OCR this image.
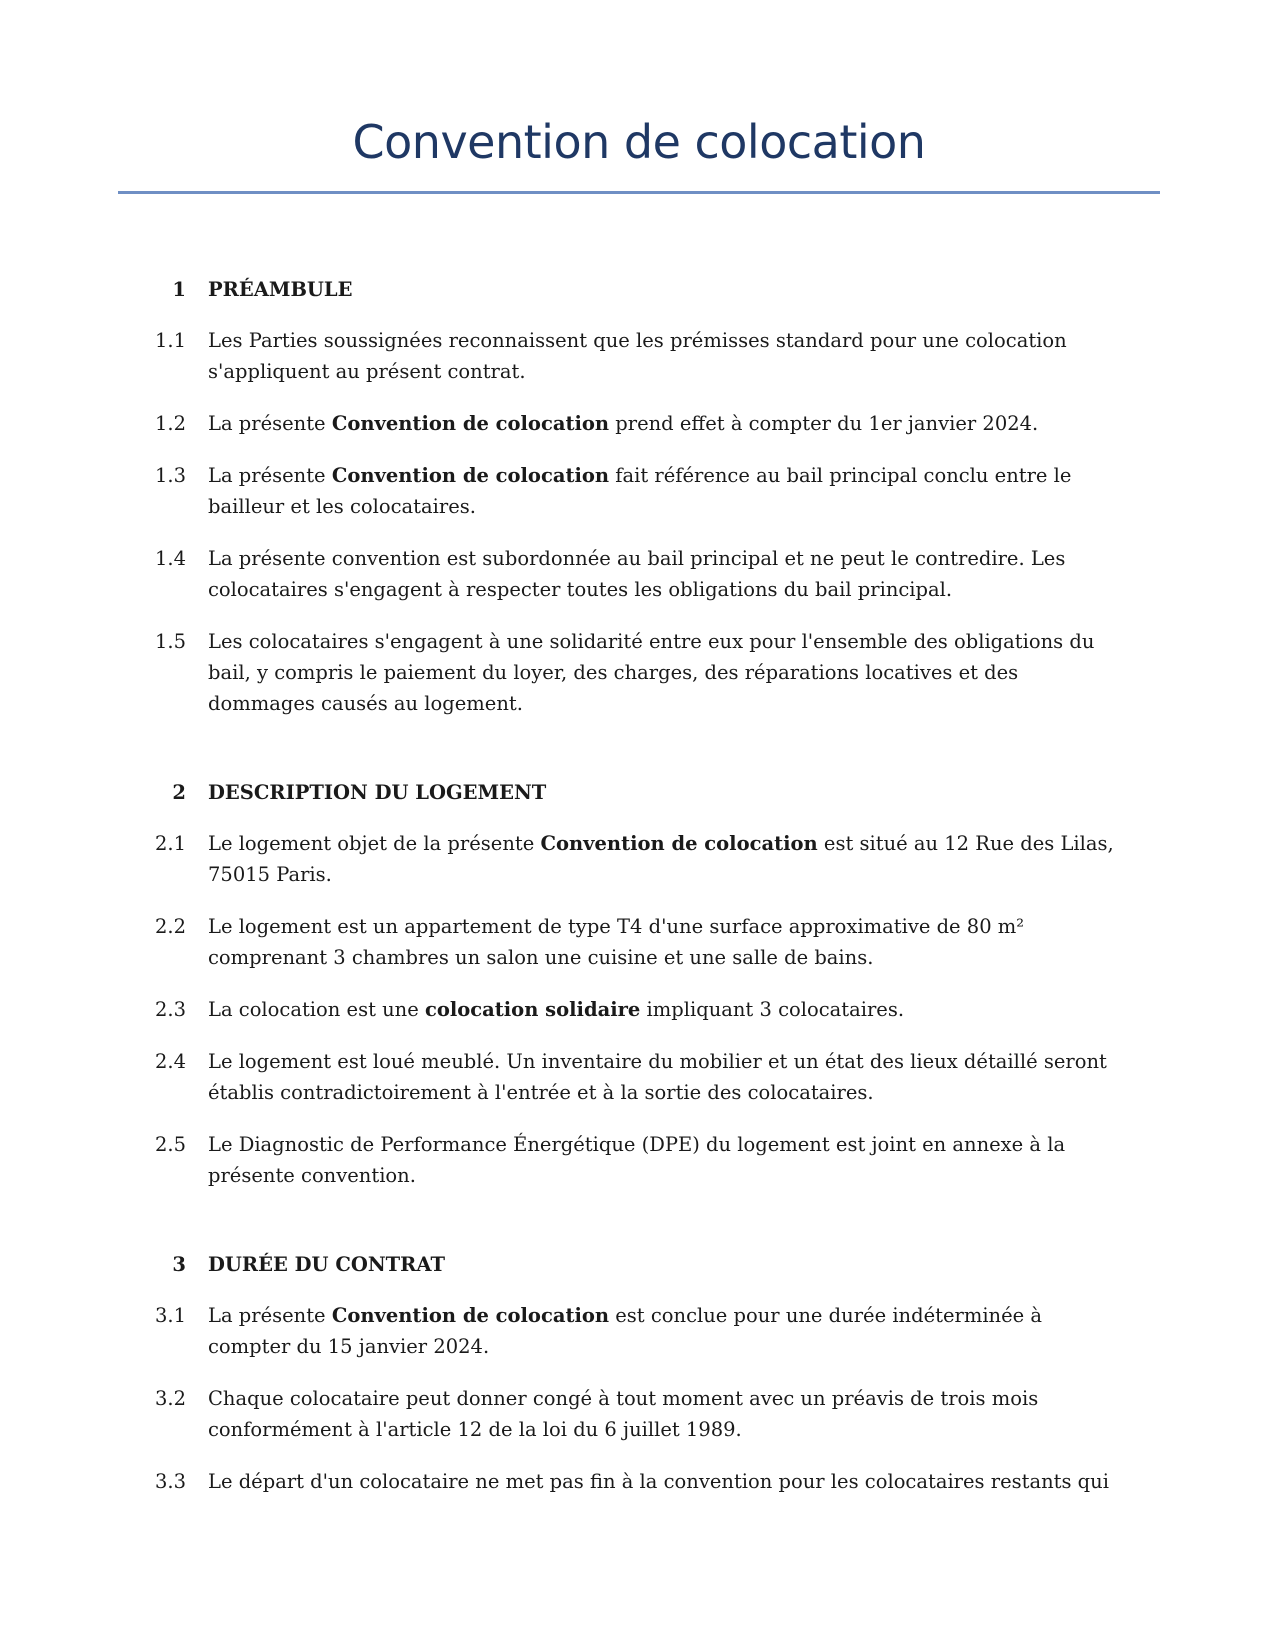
Convention de colocation
1	PRÉAMBULE
1.1	Les Parties soussignées reconnaissent que les prémisses standard pour une colocation s'appliquent au présent contrat.
1.2	La présente Convention de colocation prend effet à compter du 1er janvier 2024.
1.3	La présente Convention de colocation fait référence au bail principal conclu entre le bailleur et les colocataires.
1.4	La présente convention est subordonnée au bail principal et ne peut le contredire. Les colocataires s'engagent à respecter toutes les obligations du bail principal.
1.5	Les colocataires s'engagent à une solidarité entre eux pour l'ensemble des obligations du bail, y compris le paiement du loyer, des charges, des réparations locatives et des dommages causés au logement.
2	DESCRIPTION DU LOGEMENT
2.1	Le logement objet de la présente Convention de colocation est situé au 12 Rue des Lilas, 75015 Paris.
2.2	Le logement est un appartement de type T4 d'une surface approximative de 80 m² comprenant 3 chambres un salon une cuisine et une salle de bains.
2.3	La colocation est une colocation solidaire impliquant 3 colocataires.
2.4	Le logement est loué meublé. Un inventaire du mobilier et un état des lieux détaillé seront établis contradictoirement à l'entrée et à la sortie des colocataires.
2.5	Le Diagnostic de Performance Énergétique (DPE) du logement est joint en annexe à la présente convention.
3	DURÉE DU CONTRAT
3.1	La présente Convention de colocation est conclue pour une durée indéterminée à compter du 15 janvier 2024.
3.2	Chaque colocataire peut donner congé à tout moment avec un préavis de trois mois conformément à l'article 12 de la loi du 6 juillet 1989.
3.3	Le départ d'un colocataire ne met pas fin à la convention pour les colocataires restants qui
